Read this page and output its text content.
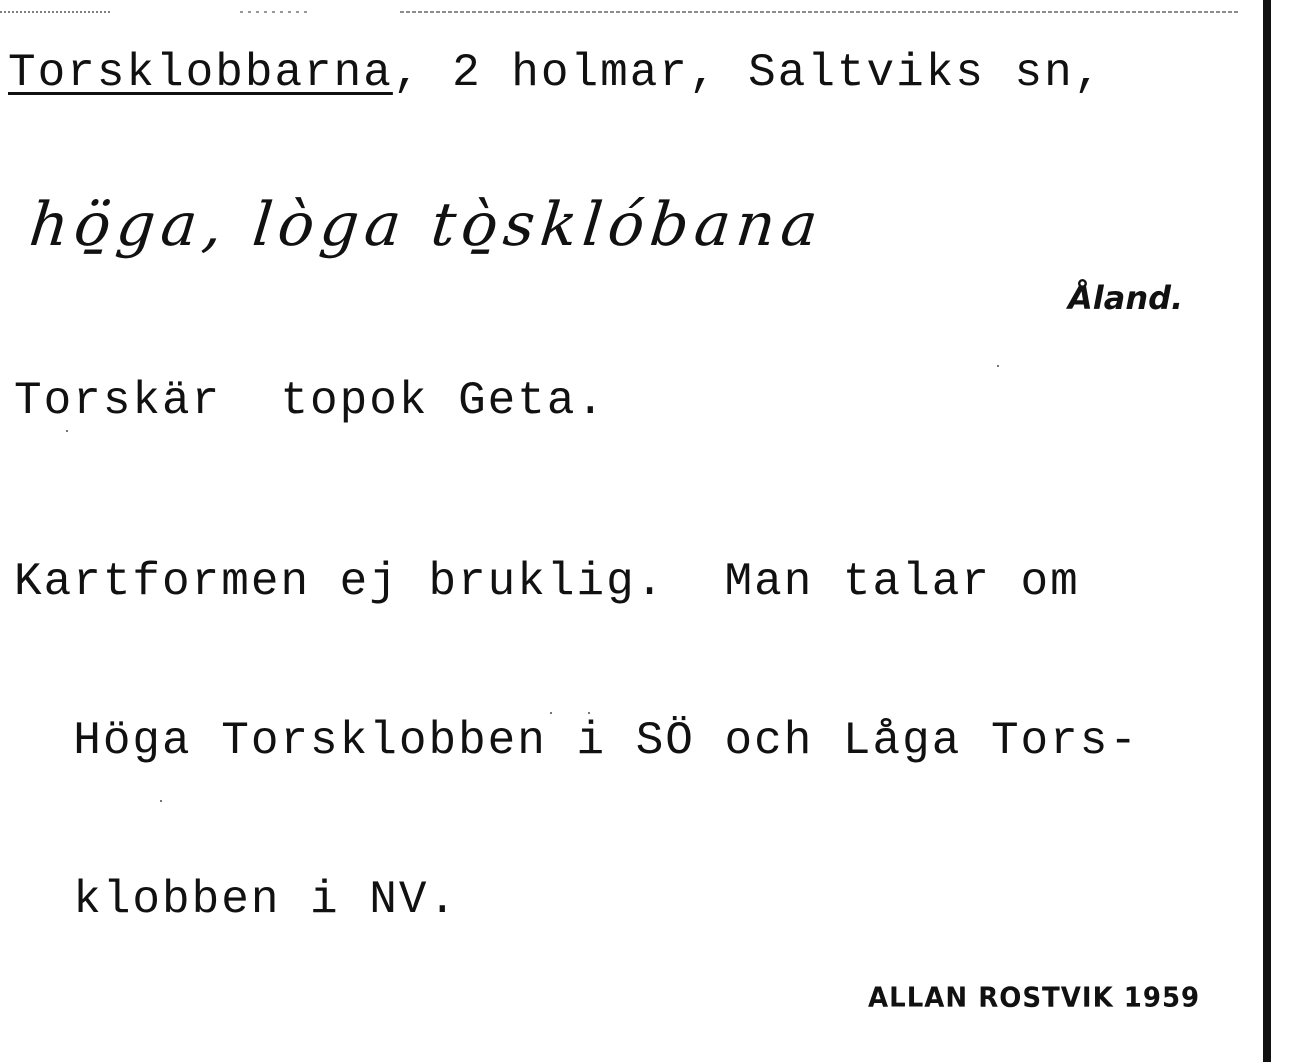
Torsklobbarna, 2 holmar, Saltviks sn,

hö̱ga, lòga tò̱sklóbana

Åland.

Torskär  topok Geta.

Kartformen ej bruklig.  Man talar om

Höga Torsklobben i SÖ och Låga Tors-

klobben i NV.

ALLAN ROSTVIK 1959
